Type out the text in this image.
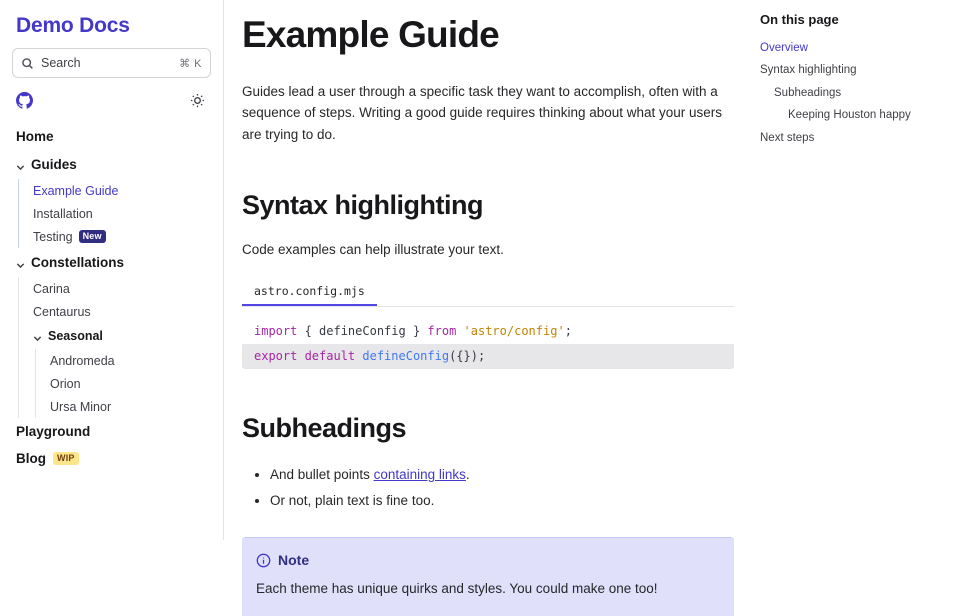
Demo Docs
Search	⌘ K
Home
Guides
Example Guide
Installation
Testing	New
Constellations
Carina
Centaurus
Seasonal
Andromeda
Orion
Ursa Minor
Playground
Blog	WIP
Example Guide

Guides lead a user through a specific task they want to accomplish, often with a sequence of steps. Writing a good guide requires thinking about what your users are trying to do.

Syntax highlighting

Code examples can help illustrate your text.

astro.config.mjs
import { defineConfig } from 'astro/config';
export default defineConfig({});
Subheadings
• And bullet points containing links.
• Or not, plain text is fine too.
Note
Each theme has unique quirks and styles. You could make one too!
On this page
Overview
Syntax highlighting
Subheadings
Keeping Houston happy
Next steps
